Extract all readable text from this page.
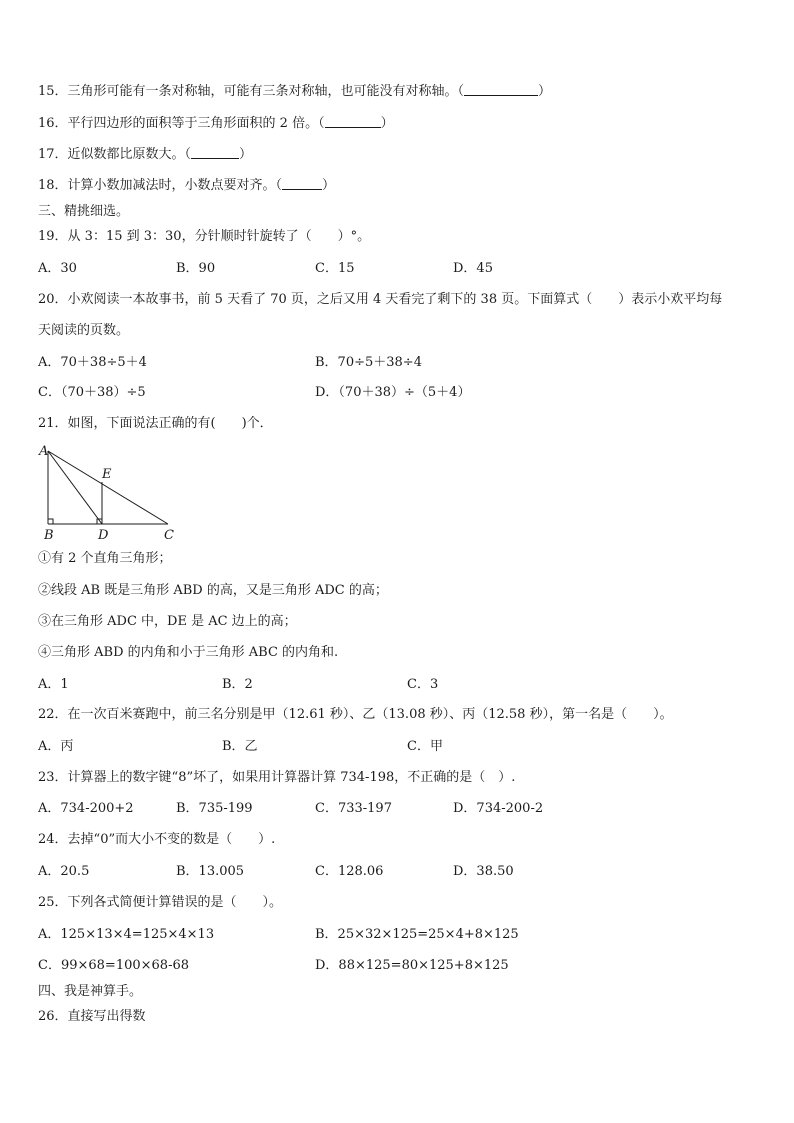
15．三角形可能有一条对称轴，可能有三条对称轴，也可能没有对称轴。（	）
16．平行四边形的面积等于三角形面积的 2 倍。（	）
17．近似数都比原数大。（	）
18．计算小数加减法时，小数点要对齐。（	）
三、精挑细选。
19．从 3：15 到 3：30，分针顺时针旋转了（　　）°。
A．30	B．90	C．15	D．45
20．小欢阅读一本故事书，前 5 天看了 70 页，之后又用 4 天看完了剩下的 38 页。下面算式（　　）表示小欢平均每
天阅读的页数。
A．70＋38÷5＋4	B．70÷5＋38÷4
C．（70＋38）÷5	D．（70＋38）÷（5＋4）
21．如图，下面说法正确的有(　　)个．
A
B	D	C
E
①有 2 个直角三角形；
②线段 AB 既是三角形 ABD 的高，又是三角形 ADC 的高；
③在三角形 ADC 中，DE 是 AC 边上的高；
④三角形 ABD 的内角和小于三角形 ABC 的内角和.
A．1	B．2	C．3
22．在一次百米赛跑中，前三名分别是甲（12.61 秒）、乙（13.08 秒）、丙（12.58 秒），第一名是（　　）。
A．丙	B．乙	C．甲
23．计算器上的数字键“8”坏了，如果用计算器计算 734-198，不正确的是（　）.
A．734-200+2	B．735-199	C．733-197	D．734-200-2
24．去掉“0”而大小不变的数是（　　）.
A．20.5	B．13.005	C．128.06	D．38.50
25．下列各式简便计算错误的是（　　）。
A．125×13×4=125×4×13	B．25×32×125=25×4+8×125
C．99×68=100×68-68	D．88×125=80×125+8×125
四、我是神算手。
26．直接写出得数
